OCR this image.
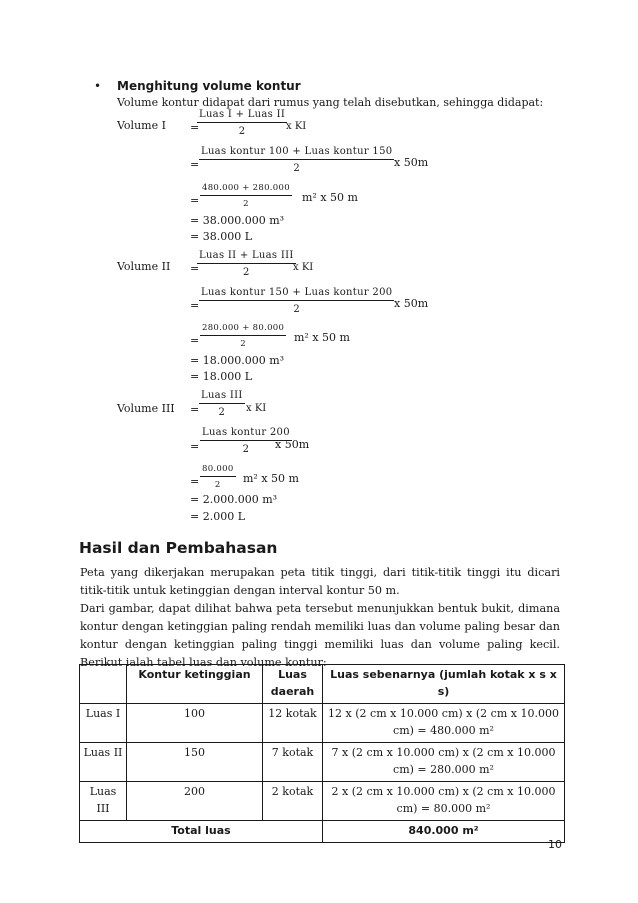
• Menghitung volume kontur
Volume kontur didapat dari rumus yang telah disebutkan, sehingga didapat:
Volume I =
Luas I + Luas II
2	x KI
=
Luas kontur 100 + Luas kontur 150
2	x 50m
= $\frac{480.000 + 280.000}{2} m^2$ x 50 m
= 38.000.000 m³
= 38.000 L
Volume II =
Luas II + Luas III
2	x KI
=
Luas kontur 150 + Luas kontur 200
2	x 50m
= $\frac{280.000 + 80.000}{2} m^2$ x 50 m
= 18.000.000 m³
= 18.000 L
Volume III =
Luas III
2 x KI
=
Luas kontur 200
2 x 50m
= $\frac{80.000}{2} m^2$ x 50 m
= 2.000.000 m³
= 2.000 L
Hasil dan Pembahasan
Peta yang dikerjakan merupakan peta titik tinggi, dari titik-titik tinggi itu dicari titik-titik untuk ketinggian dengan interval kontur 50 m.
Dari gambar, dapat dilihat bahwa peta tersebut menunjukkan bentuk bukit, dimana kontur dengan ketinggian paling rendah memiliki luas dan volume paling besar dan kontur dengan ketinggian paling tinggi memiliki luas dan volume paling kecil. Berikut ialah tabel luas dan volume kontur:
	Kontur ketinggian	Luas daerah	Luas sebenarnya (jumlah kotak x s x s)
Luas I	100	12 kotak	12 x (2 cm x 10.000 cm) x (2 cm x 10.000 cm) = 480.000 m²
Luas II	150	7 kotak	7 x (2 cm x 10.000 cm) x (2 cm x 10.000 cm) = 280.000 m²
Luas III	200	2 kotak	2 x (2 cm x 10.000 cm) x (2 cm x 10.000 cm) = 80.000 m²
Total luas			840.000 m²
10
